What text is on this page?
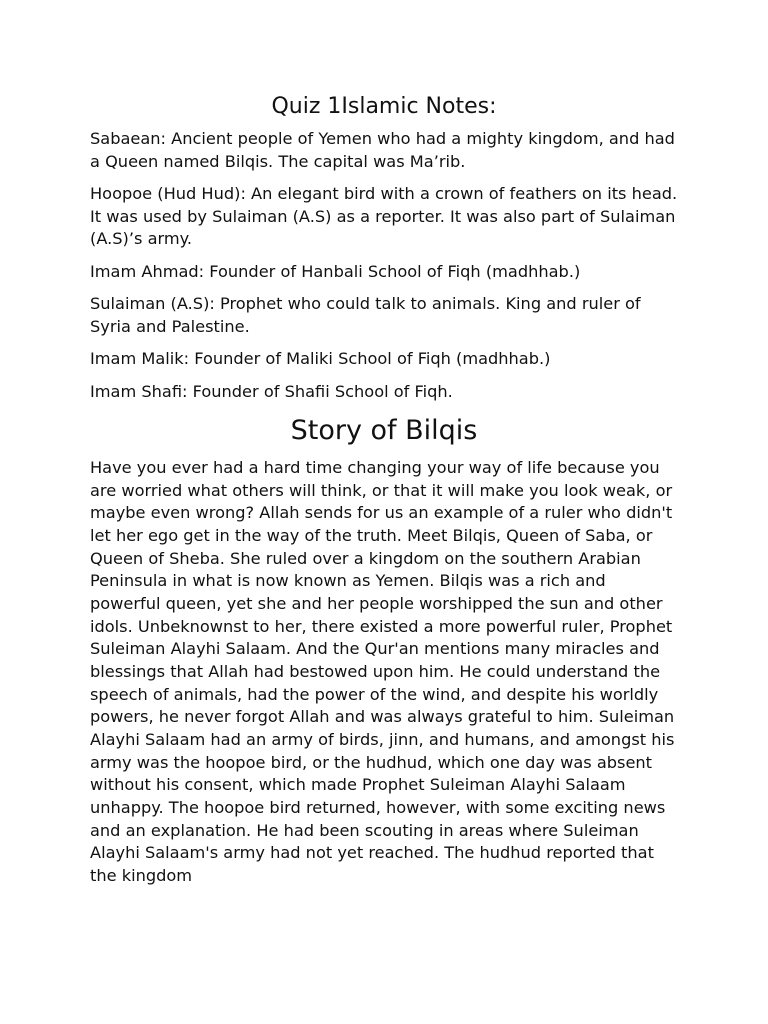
Quiz 1Islamic Notes:

Sabaean: Ancient people of Yemen who had a mighty kingdom, and had a Queen named Bilqis. The capital was Ma’rib.

Hoopoe (Hud Hud): An elegant bird with a crown of feathers on its head. It was used by Sulaiman (A.S) as a reporter. It was also part of Sulaiman (A.S)’s army.

Imam Ahmad: Founder of Hanbali School of Fiqh (madhhab.)

Sulaiman (A.S): Prophet who could talk to animals. King and ruler of Syria and Palestine.

Imam Malik: Founder of Maliki School of Fiqh (madhhab.)

Imam Shafi: Founder of Shafii School of Fiqh.

Story of Bilqis

Have you ever had a hard time changing your way of life because you are worried what others will think, or that it will make you look weak, or maybe even wrong? Allah sends for us an example of a ruler who didn't let her ego get in the way of the truth. Meet Bilqis, Queen of Saba, or Queen of Sheba. She ruled over a kingdom on the southern Arabian Peninsula in what is now known as Yemen. Bilqis was a rich and powerful queen, yet she and her people worshipped the sun and other idols. Unbeknownst to her, there existed a more powerful ruler, Prophet Suleiman Alayhi Salaam. And the Qur'an mentions many miracles and blessings that Allah had bestowed upon him. He could understand the speech of animals, had the power of the wind, and despite his worldly powers, he never forgot Allah and was always grateful to him. Suleiman Alayhi Salaam had an army of birds, jinn, and humans, and amongst his army was the hoopoe bird, or the hudhud, which one day was absent without his consent, which made Prophet Suleiman Alayhi Salaam unhappy. The hoopoe bird returned, however, with some exciting news and an explanation. He had been scouting in areas where Suleiman Alayhi Salaam's army had not yet reached. The hudhud reported that the kingdom
